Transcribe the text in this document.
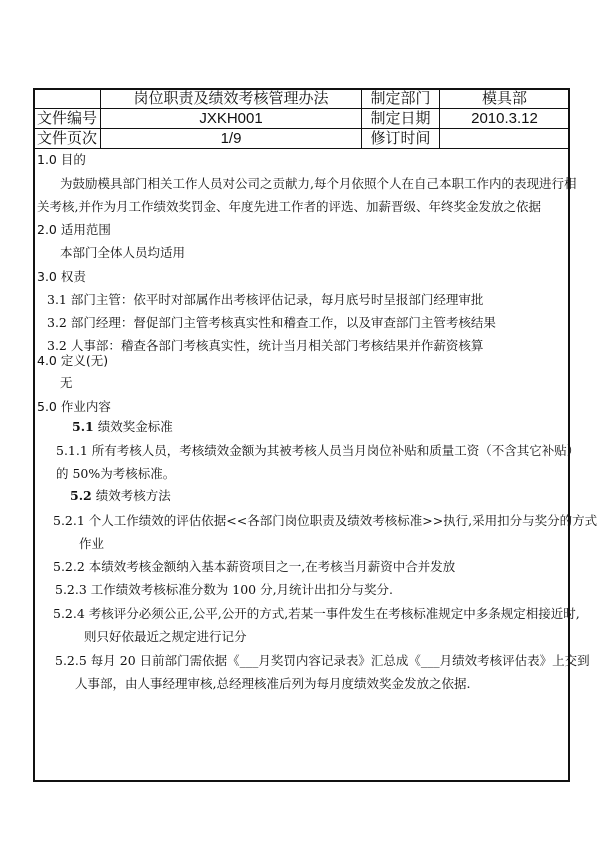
	岗位职责及绩效考核管理办法	制定部门	模具部
文件编号	JXKH001	制定日期	2010.3.12
文件页次	1/9	修订时间	
1.0 目的
为鼓励模具部门相关工作人员对公司之贡献力,每个月依照个人在自己本职工作内的表现进行相
关考核,并作为月工作绩效奖罚金、年度先进工作者的评选、加薪晋级、年终奖金发放之依据
2.0 适用范围
本部门全体人员均适用
3.0 权责
3.1 部门主管：依平时对部属作出考核评估记录，每月底号时呈报部门经理审批
3.2 部门经理：督促部门主管考核真实性和稽查工作，以及审查部门主管考核结果
3.2 人事部：稽查各部门考核真实性，统计当月相关部门考核结果并作薪资核算
4.0 定义(无)
无
5.0 作业内容
5.1 绩效奖金标准
5.1.1 所有考核人员，考核绩效金额为其被考核人员当月岗位补贴和质量工资（不含其它补贴）
的 50%为考核标准。
5.2 绩效考核方法
5.2.1 个人工作绩效的评估依据<<各部门岗位职责及绩效考核标准>>执行,采用扣分与奖分的方式
作业
5.2.2 本绩效考核金额纳入基本薪资项目之一,在考核当月薪资中合并发放
5.2.3 工作绩效考核标准分数为 100 分,月统计出扣分与奖分.
5.2.4 考核评分必须公正,公平,公开的方式,若某一事件发生在考核标准规定中多条规定相接近时,
则只好依最近之规定进行记分
5.2.5 每月 20 日前部门需依据《___月奖罚内容记录表》汇总成《___月绩效考核评估表》上交到
人事部，由人事经理审核,总经理核准后列为每月度绩效奖金发放之依据.
